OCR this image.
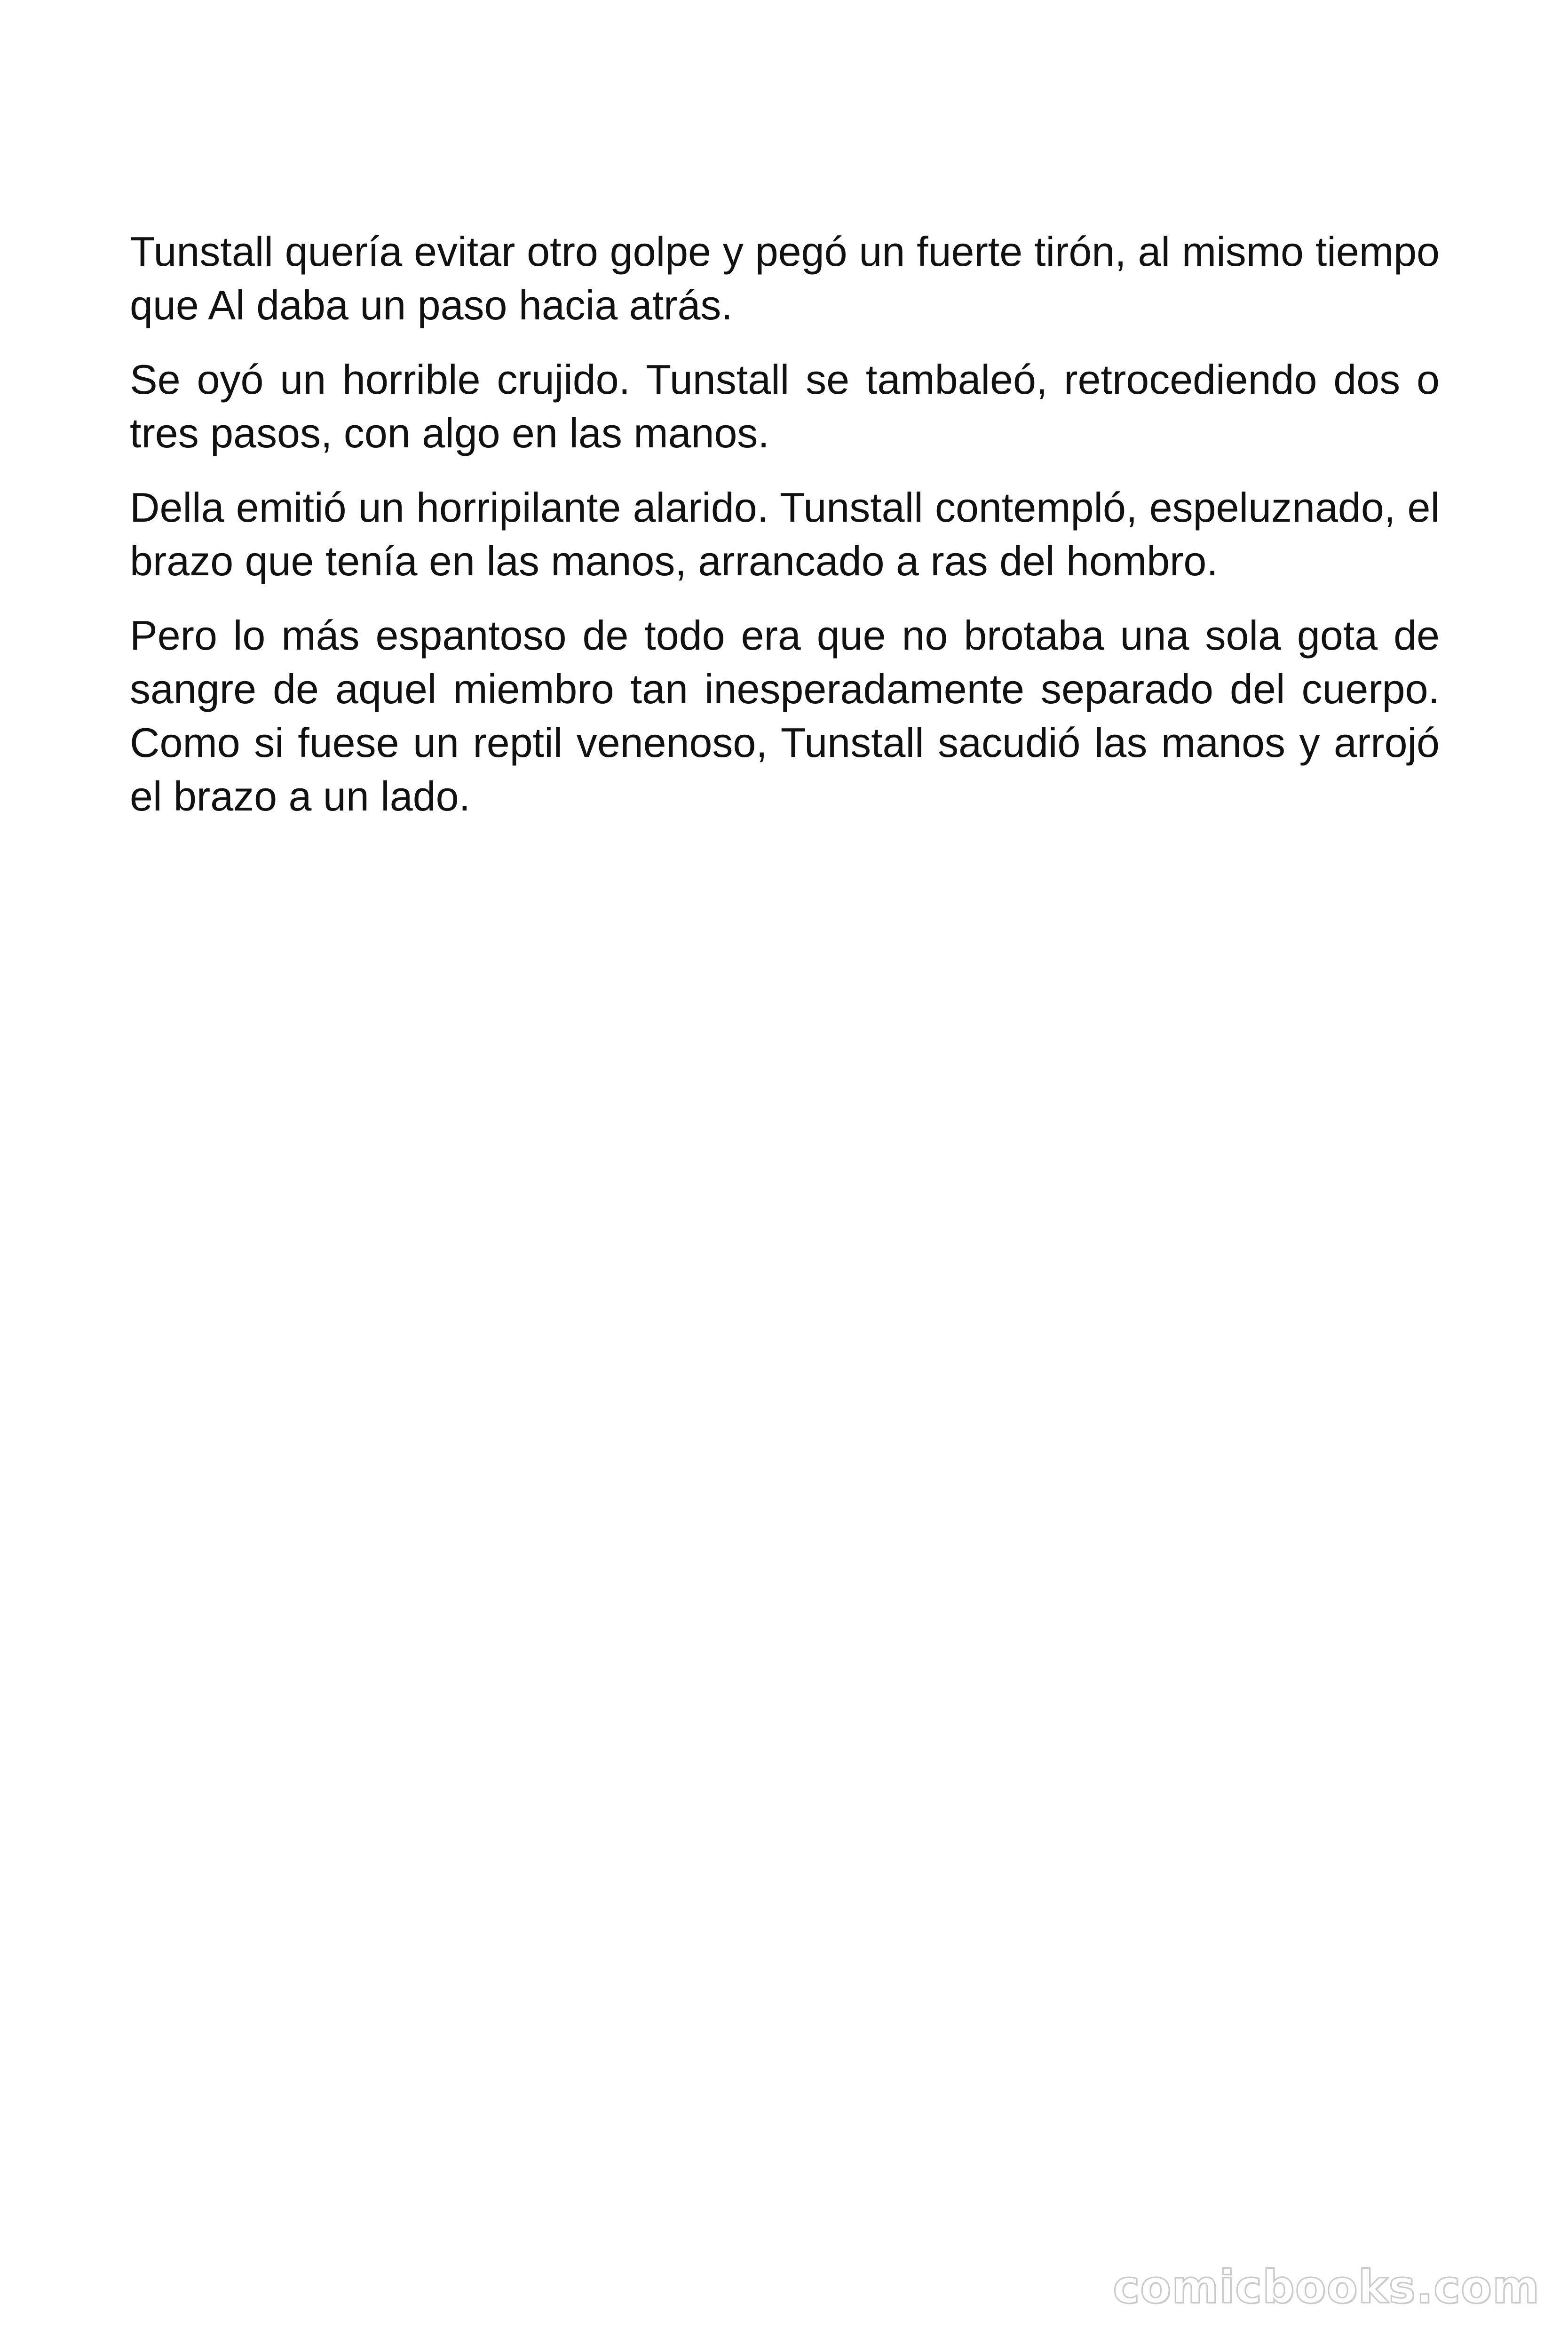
Tunstall quería evitar otro golpe y pegó un fuerte tirón, al mismo tiempo que Al daba un paso hacia atrás.

Se oyó un horrible crujido. Tunstall se tambaleó, retrocediendo dos o tres pasos, con algo en las manos.

Della emitió un horripilante alarido. Tunstall contempló, espeluznado, el brazo que tenía en las manos, arrancado a ras del hombro.

Pero lo más espantoso de todo era que no brotaba una sola gota de sangre de aquel miembro tan inesperadamente separado del cuerpo. Como si fuese un reptil venenoso, Tunstall sacudió las manos y arrojó el brazo a un lado.

comicbooks.com
